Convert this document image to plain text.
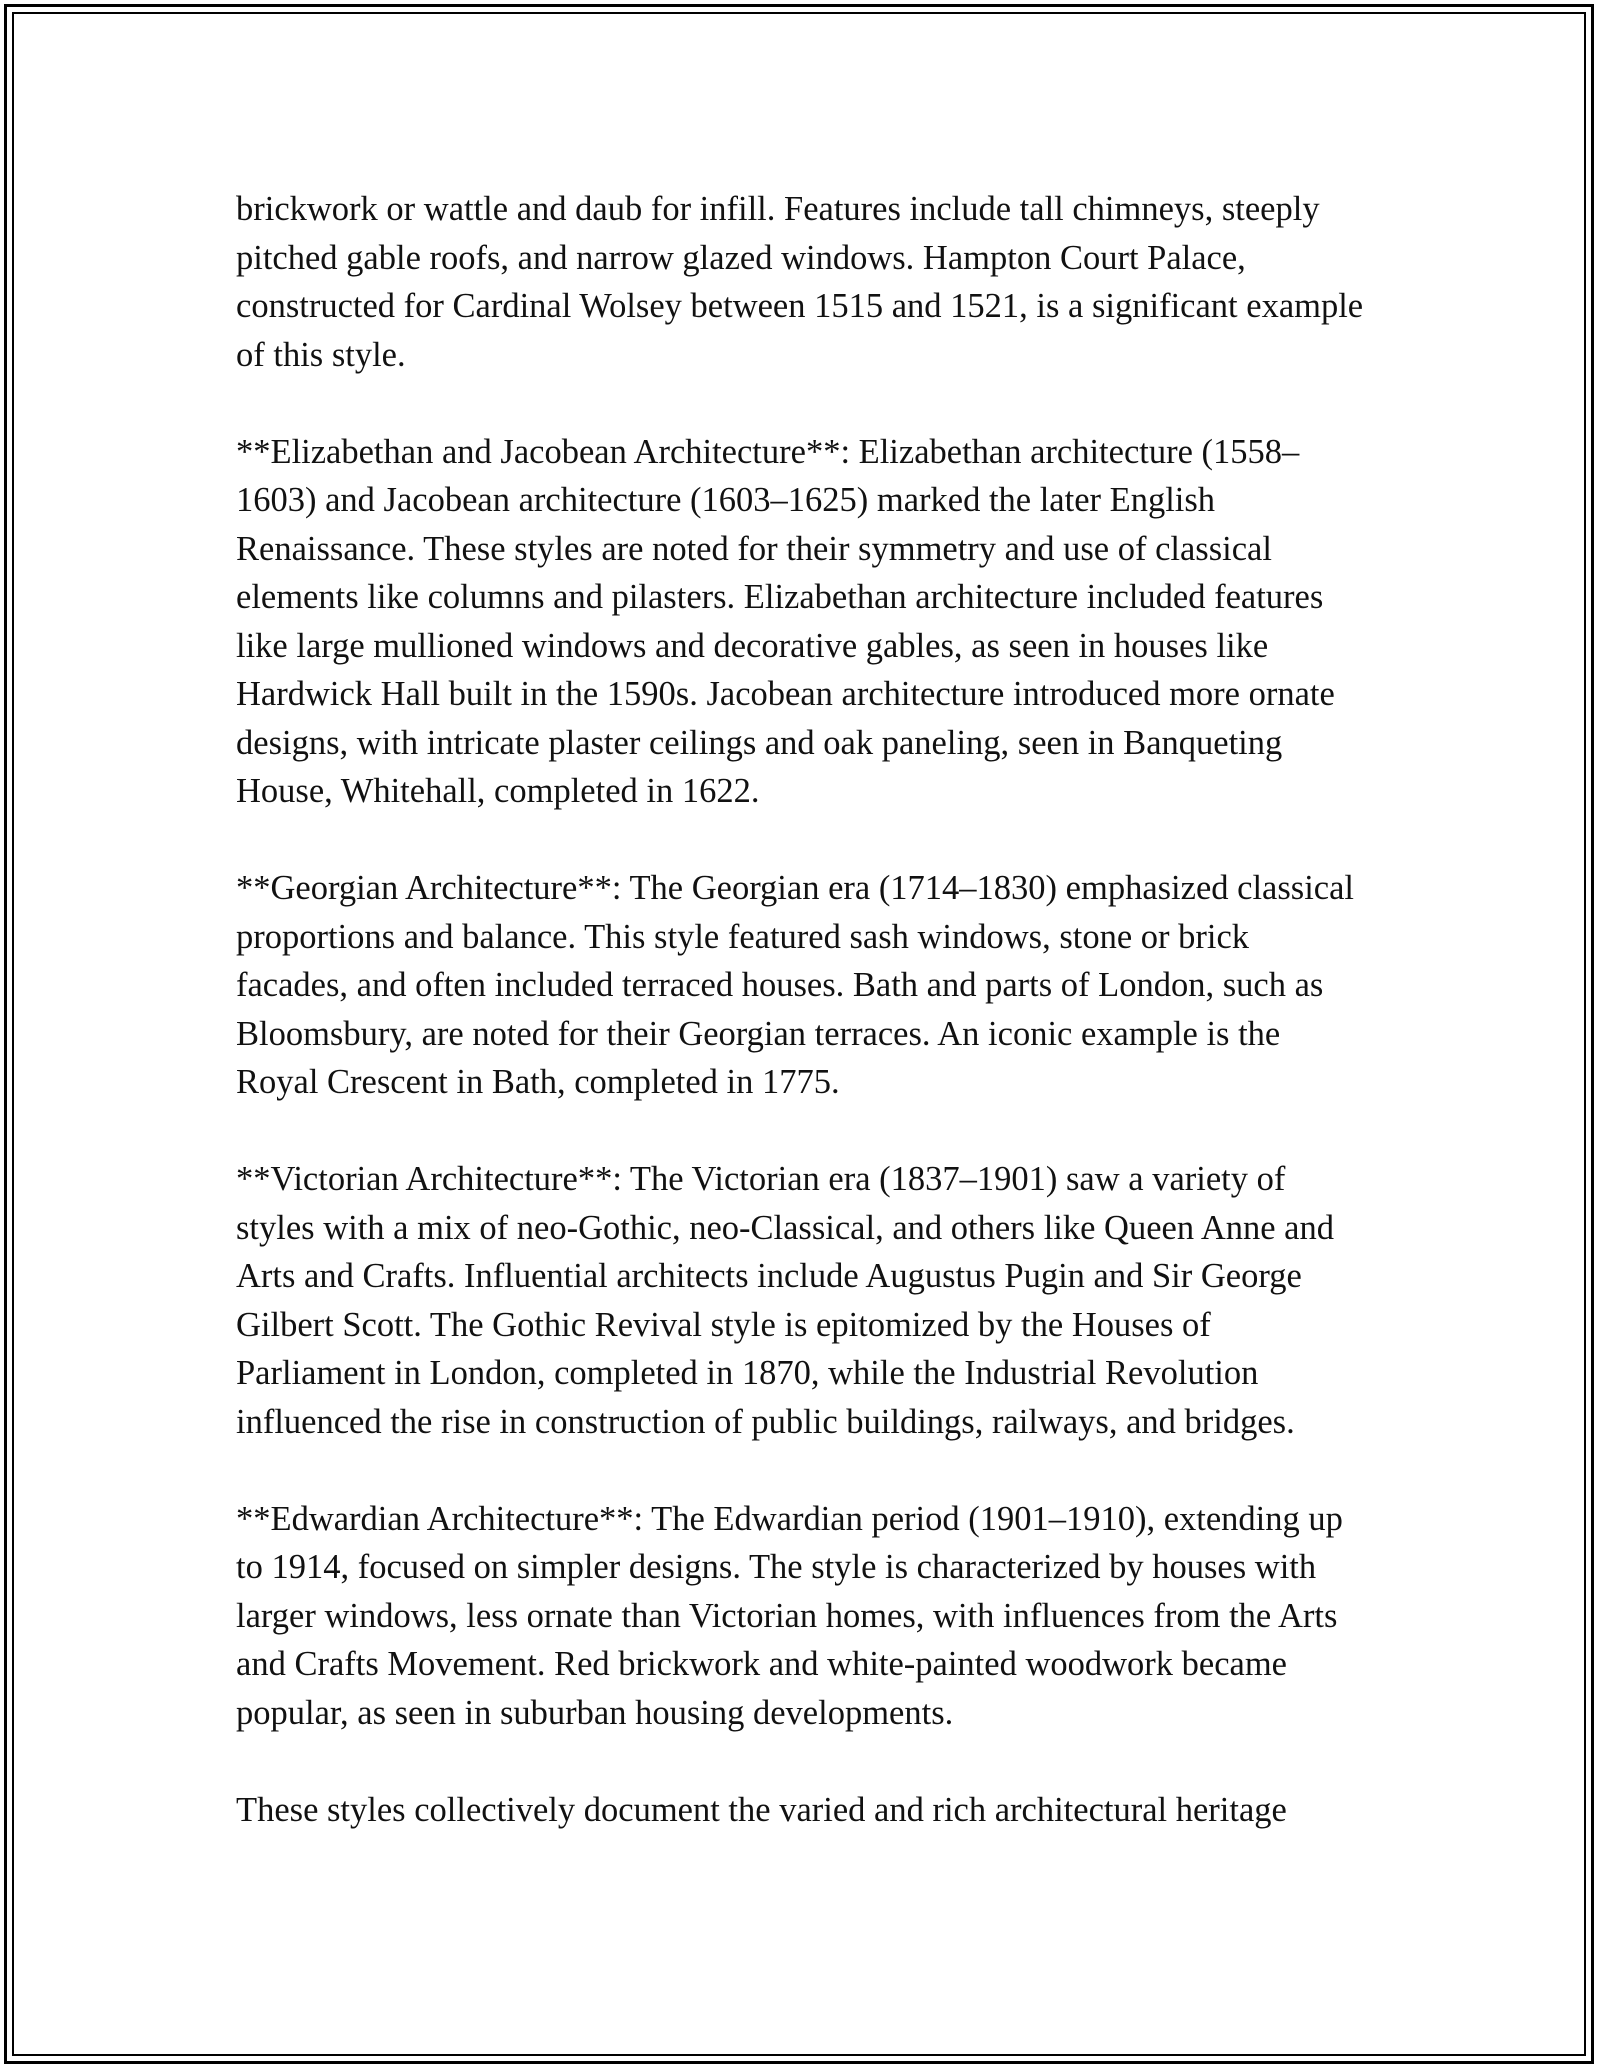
brickwork or wattle and daub for infill. Features include tall chimneys, steeply pitched gable roofs, and narrow glazed windows. Hampton Court Palace, constructed for Cardinal Wolsey between 1515 and 1521, is a significant example of this style.

**Elizabethan and Jacobean Architecture**: Elizabethan architecture (1558–1603) and Jacobean architecture (1603–1625) marked the later English Renaissance. These styles are noted for their symmetry and use of classical elements like columns and pilasters. Elizabethan architecture included features like large mullioned windows and decorative gables, as seen in houses like Hardwick Hall built in the 1590s. Jacobean architecture introduced more ornate designs, with intricate plaster ceilings and oak paneling, seen in Banqueting House, Whitehall, completed in 1622.

**Georgian Architecture**: The Georgian era (1714–1830) emphasized classical proportions and balance. This style featured sash windows, stone or brick facades, and often included terraced houses. Bath and parts of London, such as Bloomsbury, are noted for their Georgian terraces. An iconic example is the Royal Crescent in Bath, completed in 1775.

**Victorian Architecture**: The Victorian era (1837–1901) saw a variety of styles with a mix of neo-Gothic, neo-Classical, and others like Queen Anne and Arts and Crafts. Influential architects include Augustus Pugin and Sir George Gilbert Scott. The Gothic Revival style is epitomized by the Houses of Parliament in London, completed in 1870, while the Industrial Revolution influenced the rise in construction of public buildings, railways, and bridges.

**Edwardian Architecture**: The Edwardian period (1901–1910), extending up to 1914, focused on simpler designs. The style is characterized by houses with larger windows, less ornate than Victorian homes, with influences from the Arts and Crafts Movement. Red brickwork and white-painted woodwork became popular, as seen in suburban housing developments.

These styles collectively document the varied and rich architectural heritage
